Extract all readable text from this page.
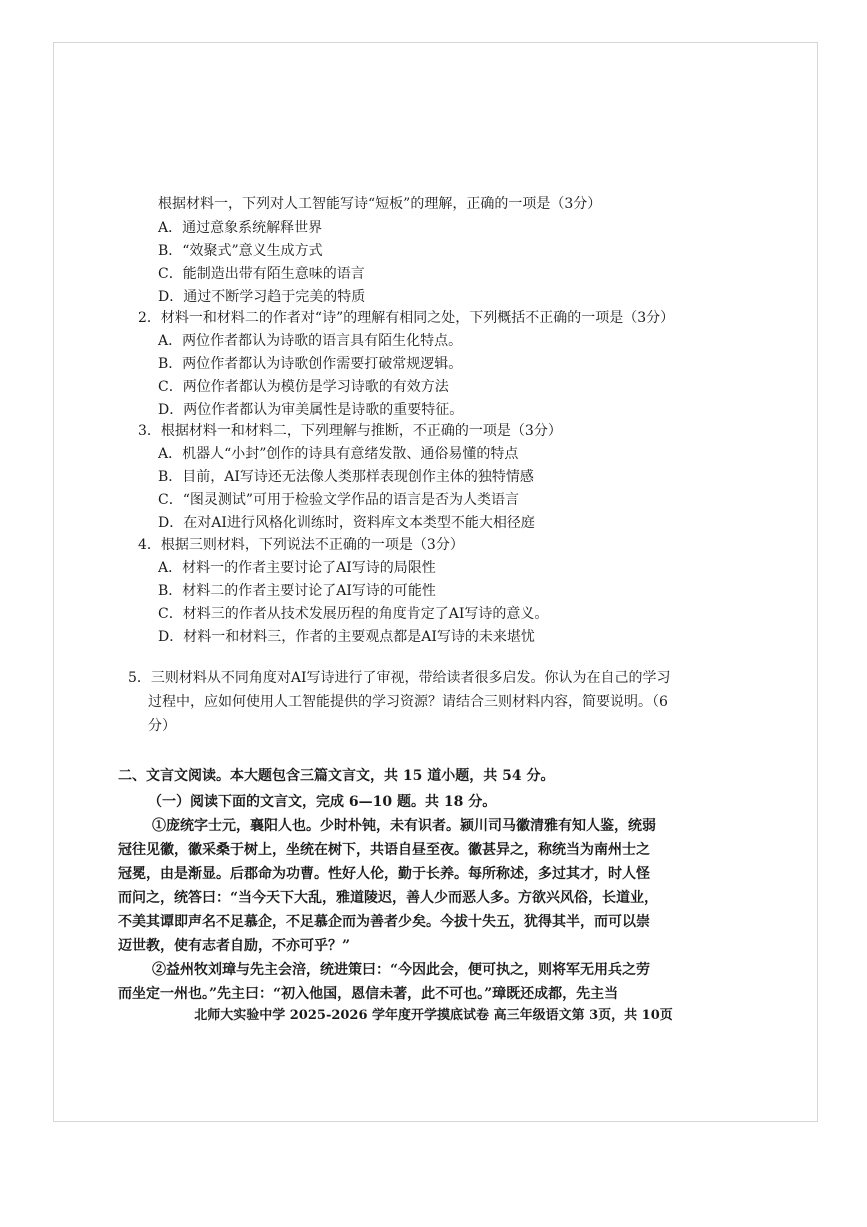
根据材料一，下列对人工智能写诗“短板”的理解，正确的一项是（3分）
A．通过意象系统解释世界
B．“效聚式”意义生成方式
C．能制造出带有陌生意味的语言
D．通过不断学习趋于完美的特质
2．材料一和材料二的作者对“诗”的理解有相同之处，下列概括不正确的一项是（3分）
A．两位作者都认为诗歌的语言具有陌生化特点。
B．两位作者都认为诗歌创作需要打破常规逻辑。
C．两位作者都认为模仿是学习诗歌的有效方法
D．两位作者都认为审美属性是诗歌的重要特征。
3．根据材料一和材料二，下列理解与推断，不正确的一项是（3分）
A．机器人“小封”创作的诗具有意绪发散、通俗易懂的特点
B．目前，AI写诗还无法像人类那样表现创作主体的独特情感
C．“图灵测试”可用于检验文学作品的语言是否为人类语言
D．在对AI进行风格化训练时，资料库文本类型不能大相径庭
4．根据三则材料，下列说法不正确的一项是（3分）
A．材料一的作者主要讨论了AI写诗的局限性
B．材料二的作者主要讨论了AI写诗的可能性
C．材料三的作者从技术发展历程的角度肯定了AI写诗的意义。
D．材料一和材料三，作者的主要观点都是AI写诗的未来堪忧
5．三则材料从不同角度对AI写诗进行了审视，带给读者很多启发。你认为在自己的学习
过程中，应如何使用人工智能提供的学习资源？请结合三则材料内容，简要说明。（6
分）
二、文言文阅读。本大题包含三篇文言文，共 15 道小题，共 54 分。
（一）阅读下面的文言文，完成 6—10 题。共 18 分。
①庞统字士元，襄阳人也。少时朴钝，未有识者。颍川司马徽清雅有知人鉴，统弱
冠往见徽，徽采桑于树上，坐统在树下，共语自昼至夜。徽甚异之，称统当为南州士之
冠冕，由是渐显。后郡命为功曹。性好人伦，勤于长养。每所称述，多过其才，时人怪
而问之，统答曰：“当今天下大乱，雅道陵迟，善人少而恶人多。方欲兴风俗，长道业，
不美其谭即声名不足慕企，不足慕企而为善者少矣。今拔十失五，犹得其半，而可以崇
迈世教，使有志者自励，不亦可乎？”
②益州牧刘璋与先主会涪，统进策曰：“今因此会，便可执之，则将军无用兵之劳
而坐定一州也。”先主曰：“初入他国，恩信未著，此不可也。”璋既还成都，先主当
北师大实验中学 2025-2026 学年度开学摸底试卷 高三年级语文第 3页，共 10页
